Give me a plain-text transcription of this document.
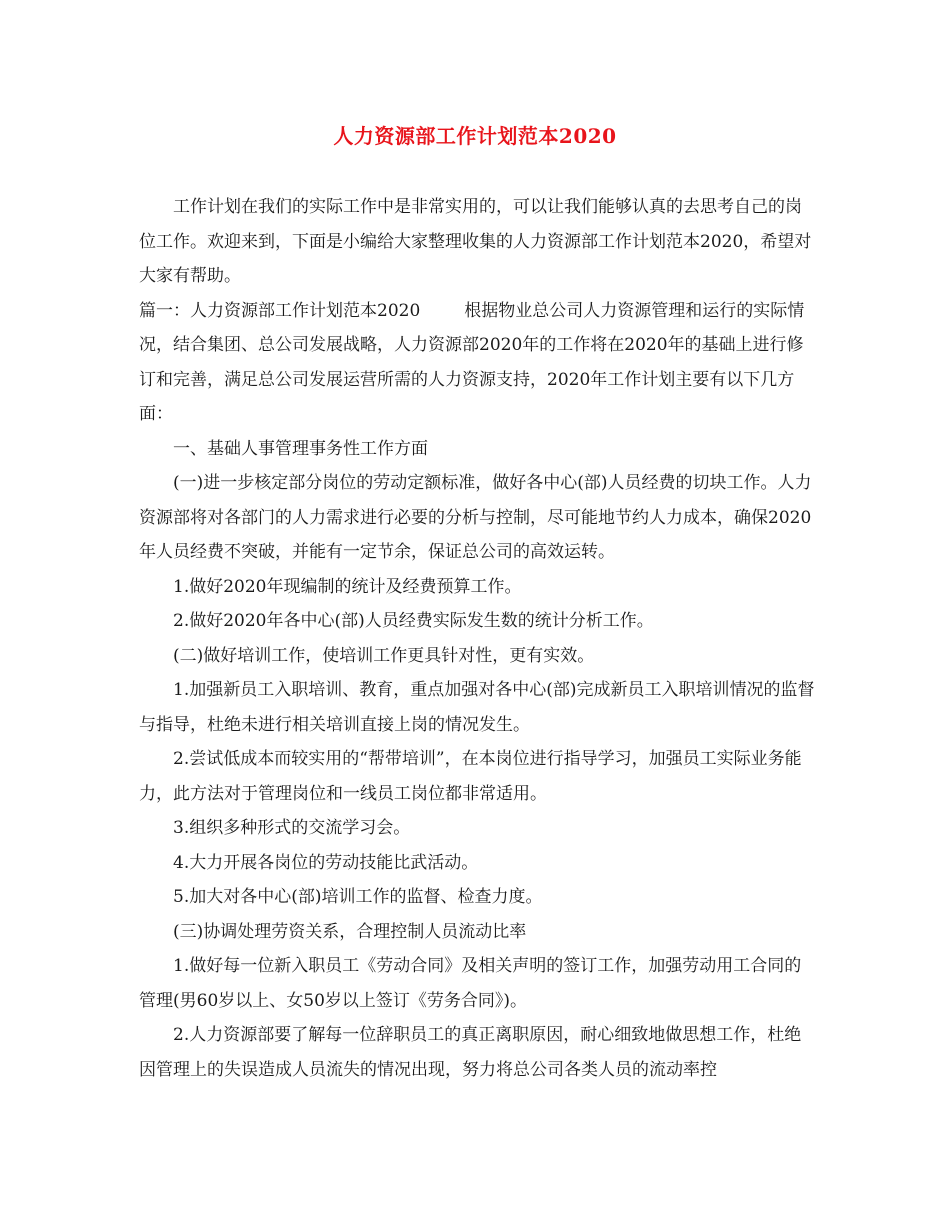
人力资源部工作计划范本2020

工作计划在我们的实际工作中是非常实用的，可以让我们能够认真的去思考自己的岗位工作。欢迎来到，下面是小编给大家整理收集的人力资源部工作计划范本2020，希望对大家有帮助。

篇一：人力资源部工作计划范本2020	根据物业总公司人力资源管理和运行的实际情况，结合集团、总公司发展战略，人力资源部2020年的工作将在2020年的基础上进行修订和完善，满足总公司发展运营所需的人力资源支持，2020年工作计划主要有以下几方面：

一、基础人事管理事务性工作方面

(一)进一步核定部分岗位的劳动定额标准，做好各中心(部)人员经费的切块工作。人力资源部将对各部门的人力需求进行必要的分析与控制，尽可能地节约人力成本，确保2020年人员经费不突破，并能有一定节余，保证总公司的高效运转。

1.做好2020年现编制的统计及经费预算工作。

2.做好2020年各中心(部)人员经费实际发生数的统计分析工作。

(二)做好培训工作，使培训工作更具针对性，更有实效。

1.加强新员工入职培训、教育，重点加强对各中心(部)完成新员工入职培训情况的监督与指导，杜绝未进行相关培训直接上岗的情况发生。

2.尝试低成本而较实用的“帮带培训”，在本岗位进行指导学习，加强员工实际业务能力，此方法对于管理岗位和一线员工岗位都非常适用。

3.组织多种形式的交流学习会。

4.大力开展各岗位的劳动技能比武活动。

5.加大对各中心(部)培训工作的监督、检查力度。

(三)协调处理劳资关系，合理控制人员流动比率

1.做好每一位新入职员工《劳动合同》及相关声明的签订工作，加强劳动用工合同的管理(男60岁以上、女50岁以上签订《劳务合同》)。

2.人力资源部要了解每一位辞职员工的真正离职原因，耐心细致地做思想工作，杜绝因管理上的失误造成人员流失的情况出现，努力将总公司各类人员的流动率控
